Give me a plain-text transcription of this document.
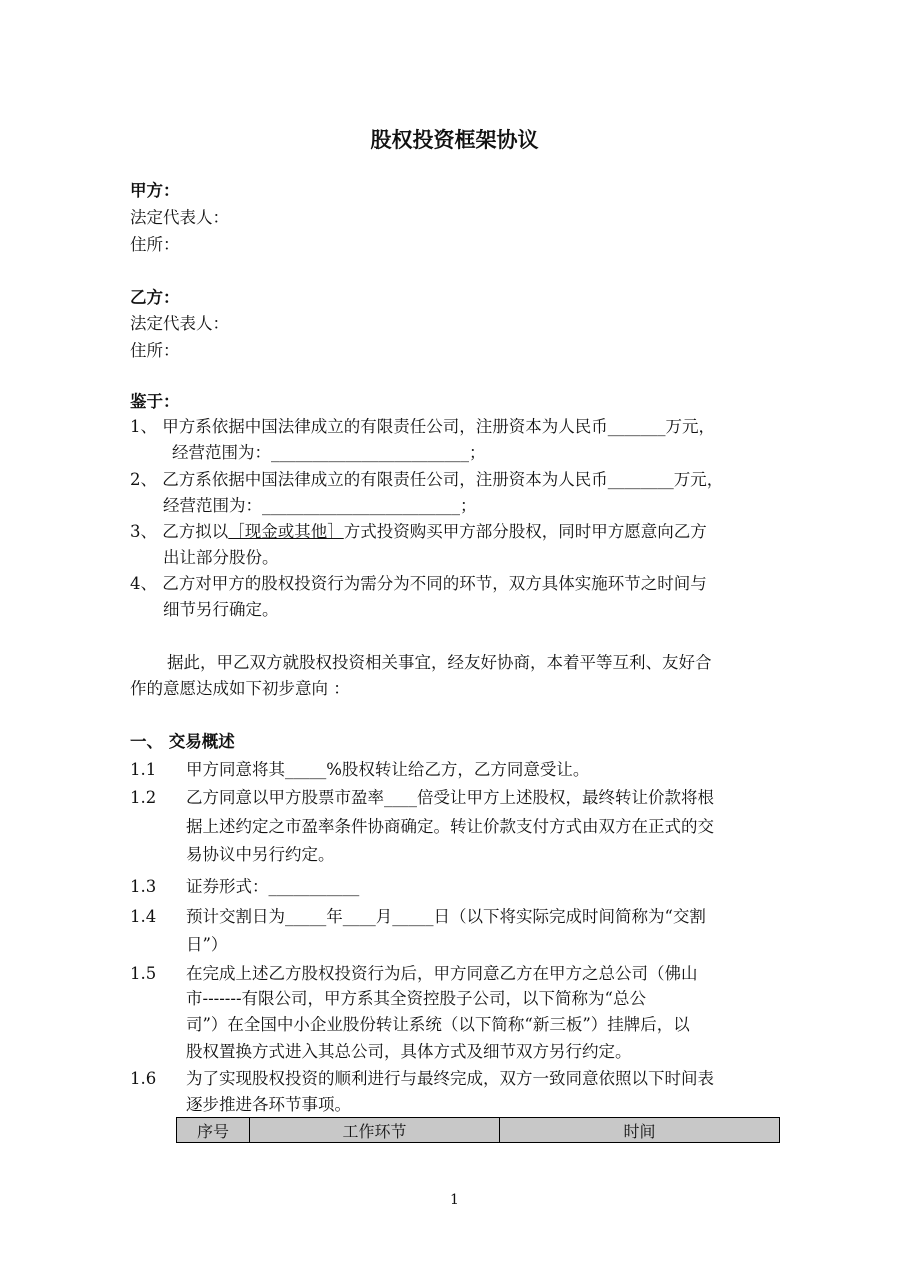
股权投资框架协议
甲方：
法定代表人：
住所：
乙方：
法定代表人：
住所：
鉴于：
1、 甲方系依据中国法律成立的有限责任公司，注册资本为人民币_______万元，
经营范围为：________________________；
2、 乙方系依据中国法律成立的有限责任公司，注册资本为人民币________万元，
经营范围为：________________________；
3、 乙方拟以［现金或其他］方式投资购买甲方部分股权，同时甲方愿意向乙方
出让部分股份。
4、 乙方对甲方的股权投资行为需分为不同的环节，双方具体实施环节之时间与
细节另行确定。
据此，甲乙双方就股权投资相关事宜，经友好协商，本着平等互利、友好合
作的意愿达成如下初步意向 ：
一、 交易概述
1.1 甲方同意将其_____%股权转让给乙方，乙方同意受让。
1.2 乙方同意以甲方股票市盈率____倍受让甲方上述股权，最终转让价款将根
据上述约定之市盈率条件协商确定。转让价款支付方式由双方在正式的交
易协议中另行约定。
1.3 证券形式：___________
1.4 预计交割日为_____年____月_____日（以下将实际完成时间简称为“交割
日”）
1.5 在完成上述乙方股权投资行为后，甲方同意乙方在甲方之总公司（佛山
市-------有限公司，甲方系其全资控股子公司，以下简称为“总公
司”）在全国中小企业股份转让系统（以下简称“新三板”）挂牌后，以
股权置换方式进入其总公司，具体方式及细节双方另行约定。
1.6 为了实现股权投资的顺利进行与最终完成，双方一致同意依照以下时间表
逐步推进各环节事项。
序号	工作环节	时间
1
